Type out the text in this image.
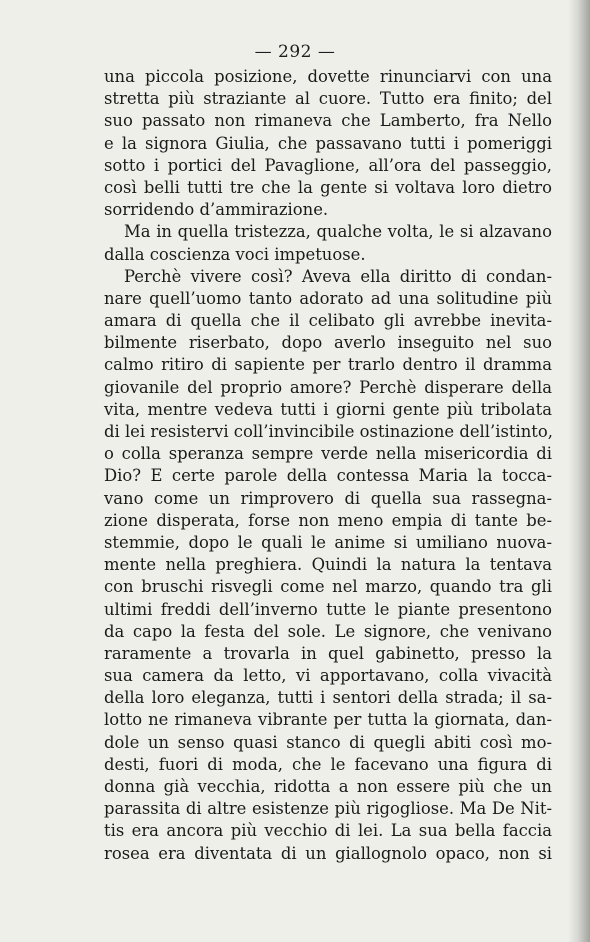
— 292 —
una piccola posizione, dovette rinunciarvi con una
stretta più straziante al cuore. Tutto era finito; del
suo passato non rimaneva che Lamberto, fra Nello
e la signora Giulia, che passavano tutti i pomeriggi
sotto i portici del Pavaglione, all’ora del passeggio,
così belli tutti tre che la gente si voltava loro dietro
sorridendo d’ammirazione.
Ma in quella tristezza, qualche volta, le si alzavano
dalla coscienza voci impetuose.
Perchè vivere così? Aveva ella diritto di condan-
nare quell’uomo tanto adorato ad una solitudine più
amara di quella che il celibato gli avrebbe inevita-
bilmente riserbato, dopo averlo inseguito nel suo
calmo ritiro di sapiente per trarlo dentro il dramma
giovanile del proprio amore? Perchè disperare della
vita, mentre vedeva tutti i giorni gente più tribolata
di lei resistervi coll’invincibile ostinazione dell’istinto,
o colla speranza sempre verde nella misericordia di
Dio? E certe parole della contessa Maria la tocca-
vano come un rimprovero di quella sua rassegna-
zione disperata, forse non meno empia di tante be-
stemmie, dopo le quali le anime si umiliano nuova-
mente nella preghiera. Quindi la natura la tentava
con bruschi risvegli come nel marzo, quando tra gli
ultimi freddi dell’inverno tutte le piante presentono
da capo la festa del sole. Le signore, che venivano
raramente a trovarla in quel gabinetto, presso la
sua camera da letto, vi apportavano, colla vivacità
della loro eleganza, tutti i sentori della strada; il sa-
lotto ne rimaneva vibrante per tutta la giornata, dan-
dole un senso quasi stanco di quegli abiti così mo-
desti, fuori di moda, che le facevano una figura di
donna già vecchia, ridotta a non essere più che un
parassita di altre esistenze più rigogliose. Ma De Nit-
tis era ancora più vecchio di lei. La sua bella faccia
rosea era diventata di un giallognolo opaco, non si
